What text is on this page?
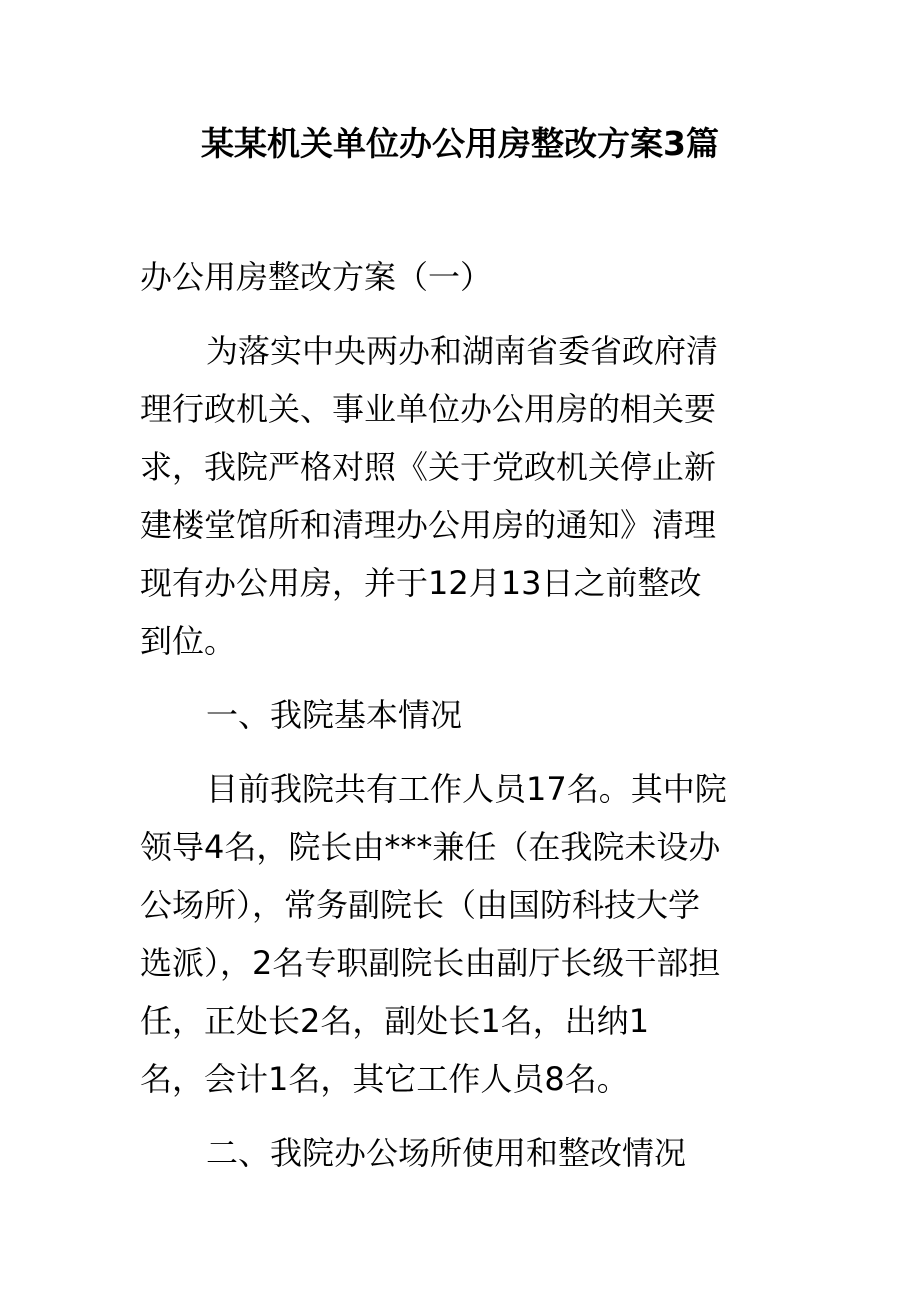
某某机关单位办公用房整改方案3篇
办公用房整改方案（一）
为落实中央两办和湖南省委省政府清
理行政机关、事业单位办公用房的相关要
求，我院严格对照《关于党政机关停止新
建楼堂馆所和清理办公用房的通知》清理
现有办公用房，并于12月13日之前整改
到位。
一、我院基本情况
目前我院共有工作人员17名。其中院
领导4名，院长由***兼任（在我院未设办
公场所），常务副院长（由国防科技大学
选派），2名专职副院长由副厅长级干部担
任，正处长2名，副处长1名，出纳1
名，会计1名，其它工作人员8名。
二、我院办公场所使用和整改情况
